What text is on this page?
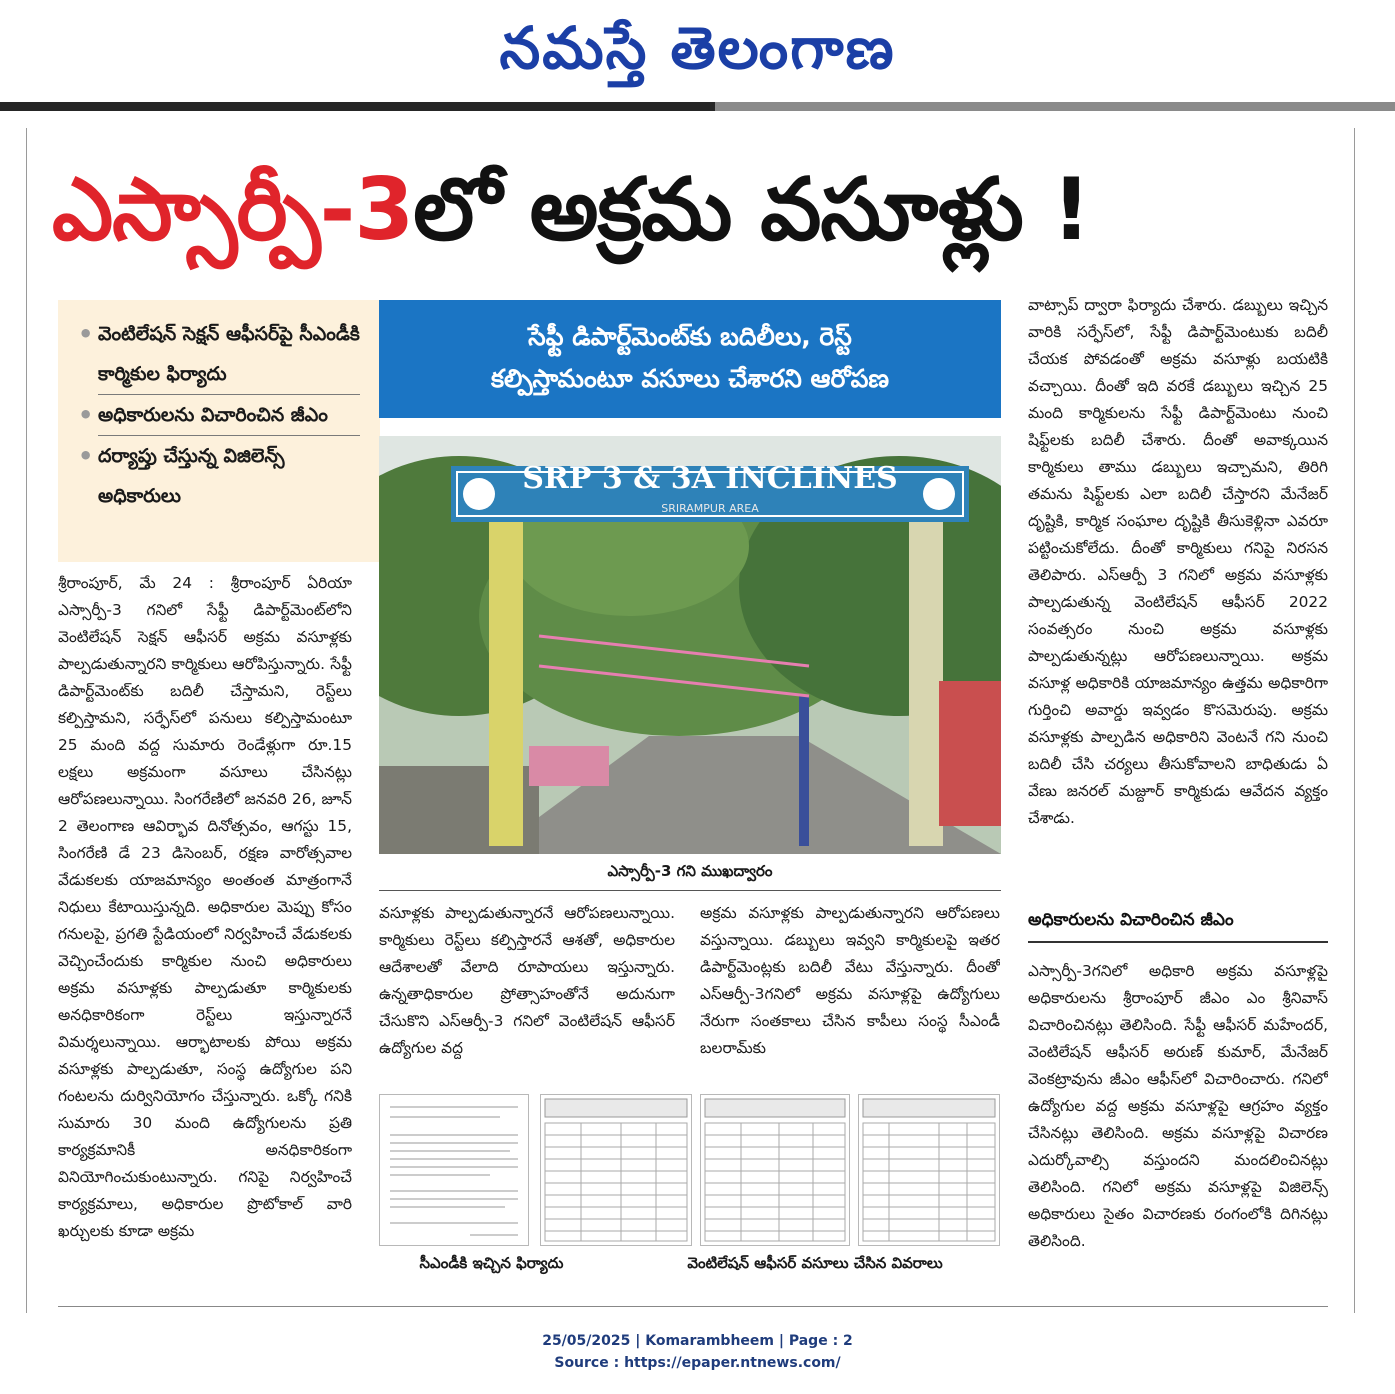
నమస్తే తెలంగాణ
ఎస్సార్పీ-3లో అక్రమ వసూళ్లు !
• వెంటిలేషన్ సెక్షన్ ఆఫీసర్‌పై సీఎండీకి కార్మికుల ఫిర్యాదు
• అధికారులను విచారించిన జీఎం
• దర్యాప్తు చేస్తున్న విజిలెన్స్ అధికారులు
శ్రీరాంపూర్, మే 24 : శ్రీరాంపూర్ ఏరియా ఎస్సార్పీ-3 గనిలో సేఫ్టీ డిపార్ట్‌మెంట్‌లోని వెంటిలేషన్ సెక్షన్ ఆఫీసర్ అక్రమ వసూళ్లకు పాల్పడుతున్నారని కార్మికులు ఆరోపిస్తున్నారు. సేఫ్టీ డిపార్ట్‌మెంట్‌కు బదిలీ చేస్తామని, రెస్ట్‌లు కల్పిస్తామని, సర్ఫేస్‌లో పనులు కల్పిస్తామంటూ 25 మంది వద్ద సుమారు రెండేళ్లుగా రూ.15 లక్షలు అక్రమంగా వసూలు చేసినట్లు ఆరోపణలున్నాయి. సింగరేణిలో జనవరి 26, జూన్ 2 తెలంగాణ ఆవిర్భావ దినోత్సవం, ఆగస్టు 15, సింగరేణి డే 23 డిసెంబర్, రక్షణ వారోత్సవాల వేడుకలకు యాజమాన్యం అంతంత మాత్రంగానే నిధులు కేటాయిస్తున్నది. అధికారుల మెప్పు కోసం గనులపై, ప్రగతి స్టేడియంలో నిర్వహించే వేడుకలకు వెచ్చించేందుకు కార్మికుల నుంచి అధికారులు అక్రమ వసూళ్లకు పాల్పడుతూ కార్మికులకు అనధికారికంగా రెస్ట్‌లు ఇస్తున్నారనే విమర్శలున్నాయి. ఆర్భాటాలకు పోయి అక్రమ వసూళ్లకు పాల్పడుతూ, సంస్థ ఉద్యోగుల పని గంటలను దుర్వినియోగం చేస్తున్నారు. ఒక్కో గనికి సుమారు 30 మంది ఉద్యోగులను ప్రతి కార్యక్రమానికీ అనధికారికంగా వినియోగించుకుంటున్నారు. గనిపై నిర్వహించే కార్యక్రమాలు, అధికారుల ప్రొటోకాల్ వారి ఖర్చులకు కూడా అక్రమ
సేఫ్టీ డిపార్ట్‌మెంట్‌కు బదిలీలు, రెస్ట్
కల్పిస్తామంటూ వసూలు చేశారని ఆరోపణ
SRP 3 & 3A INCLINES
SRIRAMPUR AREA
ఎస్సార్పీ-3 గని ముఖద్వారం
వసూళ్లకు పాల్పడుతున్నారనే ఆరోపణలున్నాయి. కార్మికులు రెస్ట్‌లు కల్పిస్తారనే ఆశతో, అధికారుల ఆదేశాలతో వేలాది రూపాయలు ఇస్తున్నారు. ఉన్నతాధికారుల ప్రోత్సాహంతోనే అదునుగా చేసుకొని ఎస్ఆర్పీ-3 గనిలో వెంటిలేషన్ ఆఫీసర్ ఉద్యోగుల వద్ద
అక్రమ వసూళ్లకు పాల్పడుతున్నారని ఆరోపణలు వస్తున్నాయి. డబ్బులు ఇవ్వని కార్మికులపై ఇతర డిపార్ట్‌మెంట్లకు బదిలీ వేటు వేస్తున్నారు. దీంతో ఎస్ఆర్పీ-3గనిలో అక్రమ వసూళ్లపై ఉద్యోగులు నేరుగా సంతకాలు చేసిన కాపీలు సంస్థ సీఎండీ బలరామ్‌కు
సీఎండీకి ఇచ్చిన ఫిర్యాదు	వెంటిలేషన్ ఆఫీసర్ వసూలు చేసిన వివరాలు
వాట్సాప్ ద్వారా ఫిర్యాదు చేశారు. డబ్బులు ఇచ్చిన వారికి సర్ఫేస్‌లో, సేఫ్టీ డిపార్ట్‌మెంటుకు బదిలీ చేయక పోవడంతో అక్రమ వసూళ్లు బయటికి వచ్చాయి. దీంతో ఇది వరకే డబ్బులు ఇచ్చిన 25 మంది కార్మికులను సేఫ్టీ డిపార్ట్‌మెంటు నుంచి షిఫ్ట్‌లకు బదిలీ చేశారు. దీంతో అవాక్కయిన కార్మికులు తాము డబ్బులు ఇచ్చామని, తిరిగి తమను షిఫ్ట్‌లకు ఎలా బదిలీ చేస్తారని మేనేజర్ దృష్టికి, కార్మిక సంఘాల దృష్టికి తీసుకెళ్లినా ఎవరూ పట్టించుకోలేదు. దీంతో కార్మికులు గనిపై నిరసన తెలిపారు. ఎస్ఆర్పీ 3 గనిలో అక్రమ వసూళ్లకు పాల్పడుతున్న వెంటిలేషన్ ఆఫీసర్ 2022 సంవత్సరం నుంచి అక్రమ వసూళ్లకు పాల్పడుతున్నట్లు ఆరోపణలున్నాయి. అక్రమ వసూళ్ల అధికారికి యాజమాన్యం ఉత్తమ అధికారిగా గుర్తించి అవార్డు ఇవ్వడం కొసమెరుపు. అక్రమ వసూళ్లకు పాల్పడిన అధికారిని వెంటనే గని నుంచి బదిలీ చేసి చర్యలు తీసుకోవాలని బాధితుడు ఏ వేణు జనరల్ మజ్దూర్ కార్మికుడు ఆవేదన వ్యక్తం చేశాడు.
అధికారులను విచారించిన జీఎం
ఎస్సార్పీ-3గనిలో అధికారి అక్రమ వసూళ్లపై అధికారులను శ్రీరాంపూర్ జీఎం ఎం శ్రీనివాస్ విచారించినట్లు తెలిసింది. సేఫ్టీ ఆఫీసర్ మహేందర్, వెంటిలేషన్ ఆఫీసర్ అరుణ్ కుమార్, మేనేజర్ వెంకట్రావును జీఎం ఆఫీస్‌లో విచారించారు. గనిలో ఉద్యోగుల వద్ద అక్రమ వసూళ్లపై ఆగ్రహం వ్యక్తం చేసినట్లు తెలిసింది. అక్రమ వసూళ్లపై విచారణ ఎదుర్కోవాల్సి వస్తుందని మందలించినట్లు తెలిసింది. గనిలో అక్రమ వసూళ్లపై విజిలెన్స్ అధికారులు సైతం విచారణకు రంగంలోకి దిగినట్లు తెలిసింది.
25/05/2025 | Komarambheem | Page : 2
Source : https://epaper.ntnews.com/
